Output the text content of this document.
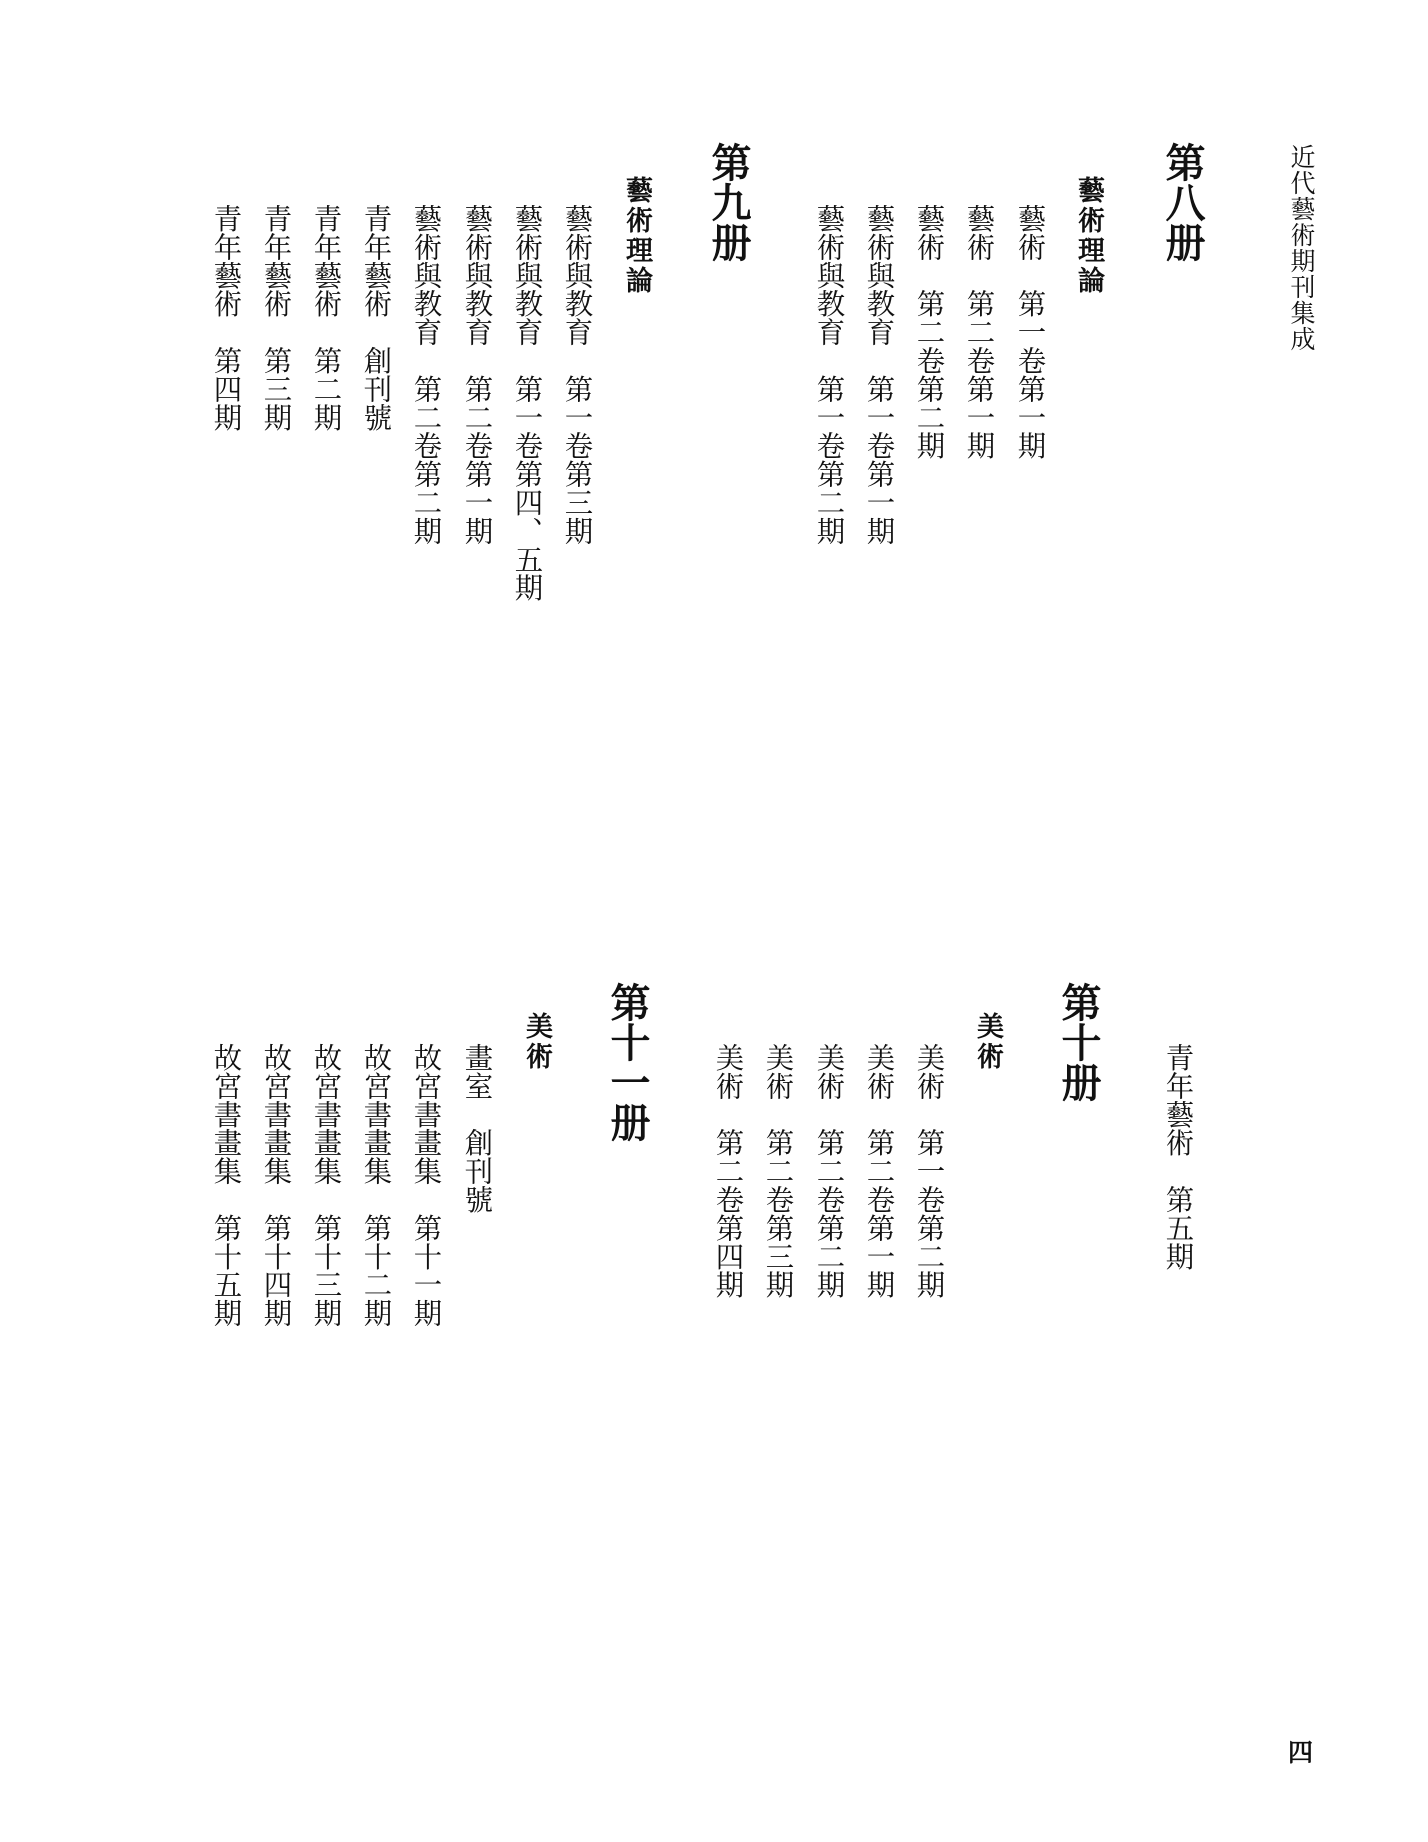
近代藝術期刊集成
第八册
藝術理論
藝術　第一卷第一期
藝術　第二卷第一期
藝術　第二卷第二期
藝術與教育　第一卷第一期
藝術與教育　第一卷第二期
第九册
藝術理論
藝術與教育　第一卷第三期
藝術與教育　第一卷第四、五期
藝術與教育　第二卷第一期
藝術與教育　第二卷第二期
青年藝術　創刊號
青年藝術　第二期
青年藝術　第三期
青年藝術　第四期
青年藝術　第五期
第十册
美術
美術　第一卷第二期
美術　第二卷第一期
美術　第二卷第二期
美術　第二卷第三期
美術　第二卷第四期
第十一册
美術
畫室　創刊號
故宮書畫集　第十一期
故宮書畫集　第十二期
故宮書畫集　第十三期
故宮書畫集　第十四期
故宮書畫集　第十五期
四
